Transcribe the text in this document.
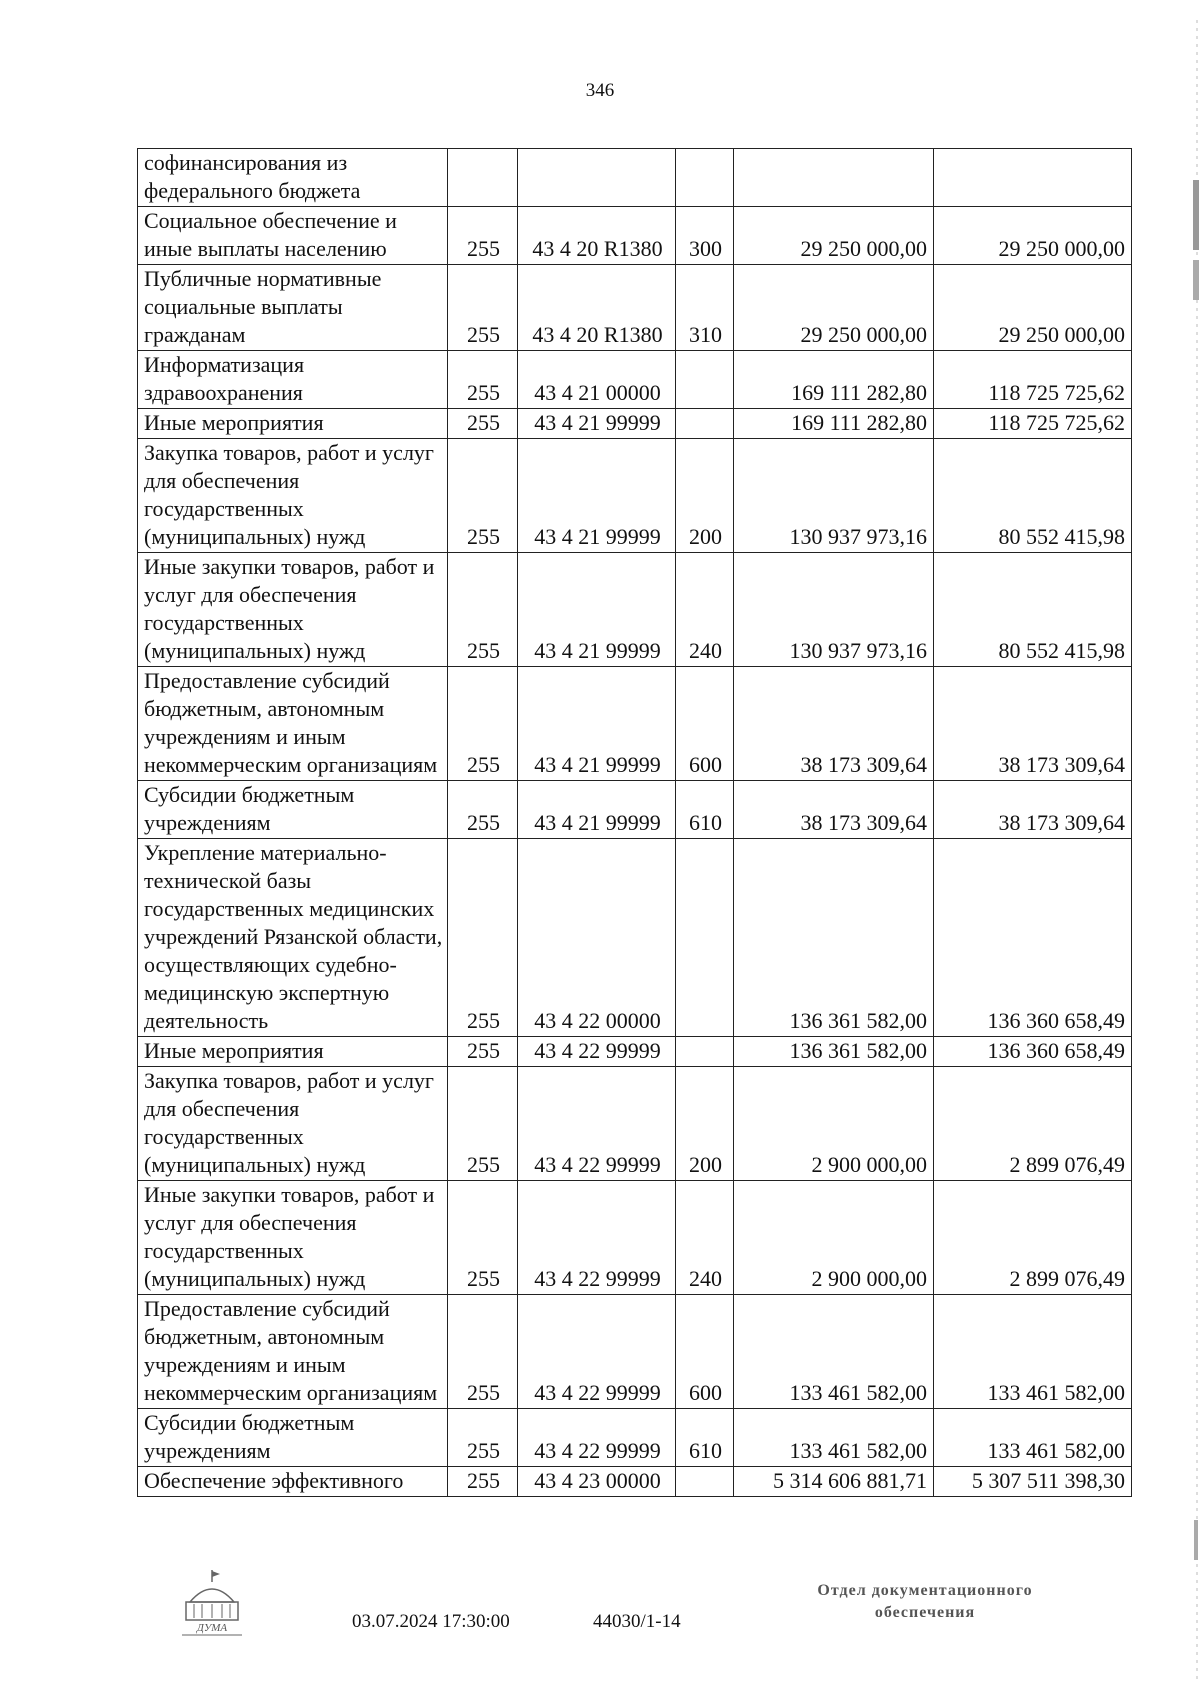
346
софинансирования из федерального бюджета					
Социальное обеспечение и иные выплаты населению	255	43 4 20 R1380	300	29 250 000,00	29 250 000,00
Публичные нормативные социальные выплаты гражданам	255	43 4 20 R1380	310	29 250 000,00	29 250 000,00
Информатизация здравоохранения	255	43 4 21 00000		169 111 282,80	118 725 725,62
Иные мероприятия	255	43 4 21 99999		169 111 282,80	118 725 725,62
Закупка товаров, работ и услуг для обеспечения государственных (муниципальных) нужд	255	43 4 21 99999	200	130 937 973,16	80 552 415,98
Иные закупки товаров, работ и услуг для обеспечения государственных (муниципальных) нужд	255	43 4 21 99999	240	130 937 973,16	80 552 415,98
Предоставление субсидий бюджетным, автономным учреждениям и иным некоммерческим организациям	255	43 4 21 99999	600	38 173 309,64	38 173 309,64
Субсидии бюджетным учреждениям	255	43 4 21 99999	610	38 173 309,64	38 173 309,64
Укрепление материально-технической базы государственных медицинских учреждений Рязанской области, осуществляющих судебно-медицинскую экспертную деятельность	255	43 4 22 00000		136 361 582,00	136 360 658,49
Иные мероприятия	255	43 4 22 99999		136 361 582,00	136 360 658,49
Закупка товаров, работ и услуг для обеспечения государственных (муниципальных) нужд	255	43 4 22 99999	200	2 900 000,00	2 899 076,49
Иные закупки товаров, работ и услуг для обеспечения государственных (муниципальных) нужд	255	43 4 22 99999	240	2 900 000,00	2 899 076,49
Предоставление субсидий бюджетным, автономным учреждениям и иным некоммерческим организациям	255	43 4 22 99999	600	133 461 582,00	133 461 582,00
Субсидии бюджетным учреждениям	255	43 4 22 99999	610	133 461 582,00	133 461 582,00
Обеспечение эффективного	255	43 4 23 00000		5 314 606 881,71	5 307 511 398,30
ДУМА	03.07.2024 17:30:00	44030/1-14
Отдел документационного
обеспечения
